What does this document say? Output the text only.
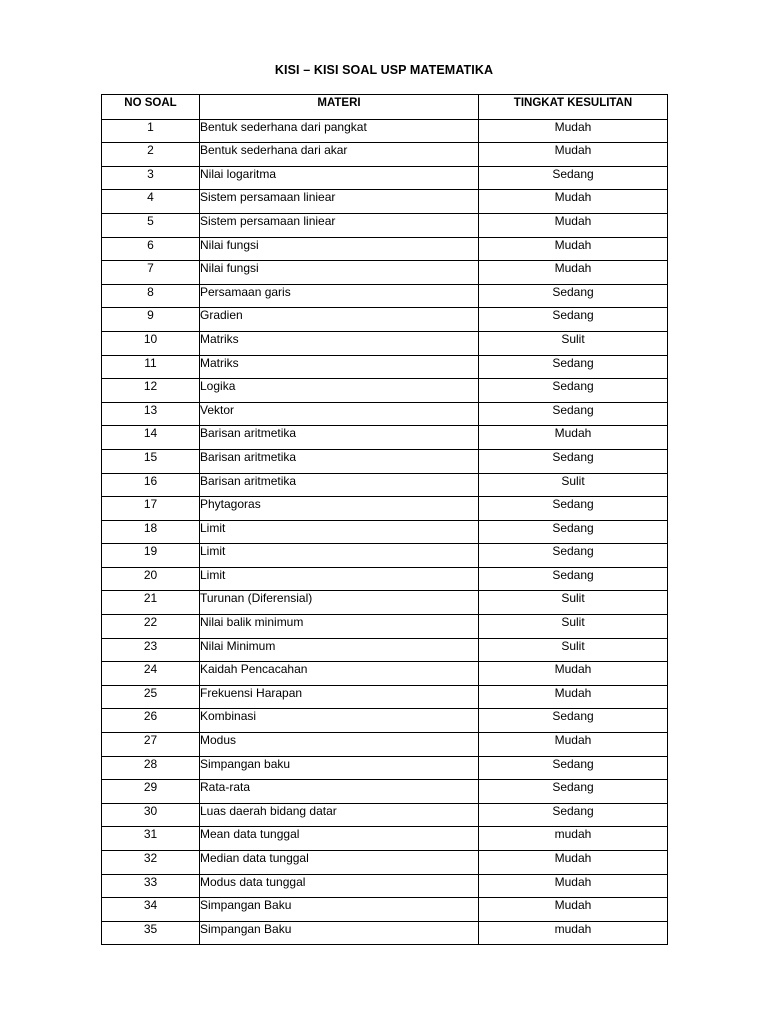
KISI – KISI SOAL USP MATEMATIKA
NO SOAL	MATERI	TINGKAT KESULITAN
1	Bentuk sederhana dari pangkat	Mudah
2	Bentuk sederhana dari akar	Mudah
3	Nilai logaritma	Sedang
4	Sistem persamaan liniear	Mudah
5	Sistem persamaan liniear	Mudah
6	Nilai fungsi	Mudah
7	Nilai fungsi	Mudah
8	Persamaan garis	Sedang
9	Gradien	Sedang
10	Matriks	Sulit
11	Matriks	Sedang
12	Logika	Sedang
13	Vektor	Sedang
14	Barisan aritmetika	Mudah
15	Barisan aritmetika	Sedang
16	Barisan aritmetika	Sulit
17	Phytagoras	Sedang
18	Limit	Sedang
19	Limit	Sedang
20	Limit	Sedang
21	Turunan (Diferensial)	Sulit
22	Nilai balik minimum	Sulit
23	Nilai Minimum	Sulit
24	Kaidah Pencacahan	Mudah
25	Frekuensi Harapan	Mudah
26	Kombinasi	Sedang
27	Modus	Mudah
28	Simpangan baku	Sedang
29	Rata-rata	Sedang
30	Luas daerah bidang datar	Sedang
31	Mean data tunggal	mudah
32	Median data tunggal	Mudah
33	Modus data tunggal	Mudah
34	Simpangan Baku	Mudah
35	Simpangan Baku	mudah
